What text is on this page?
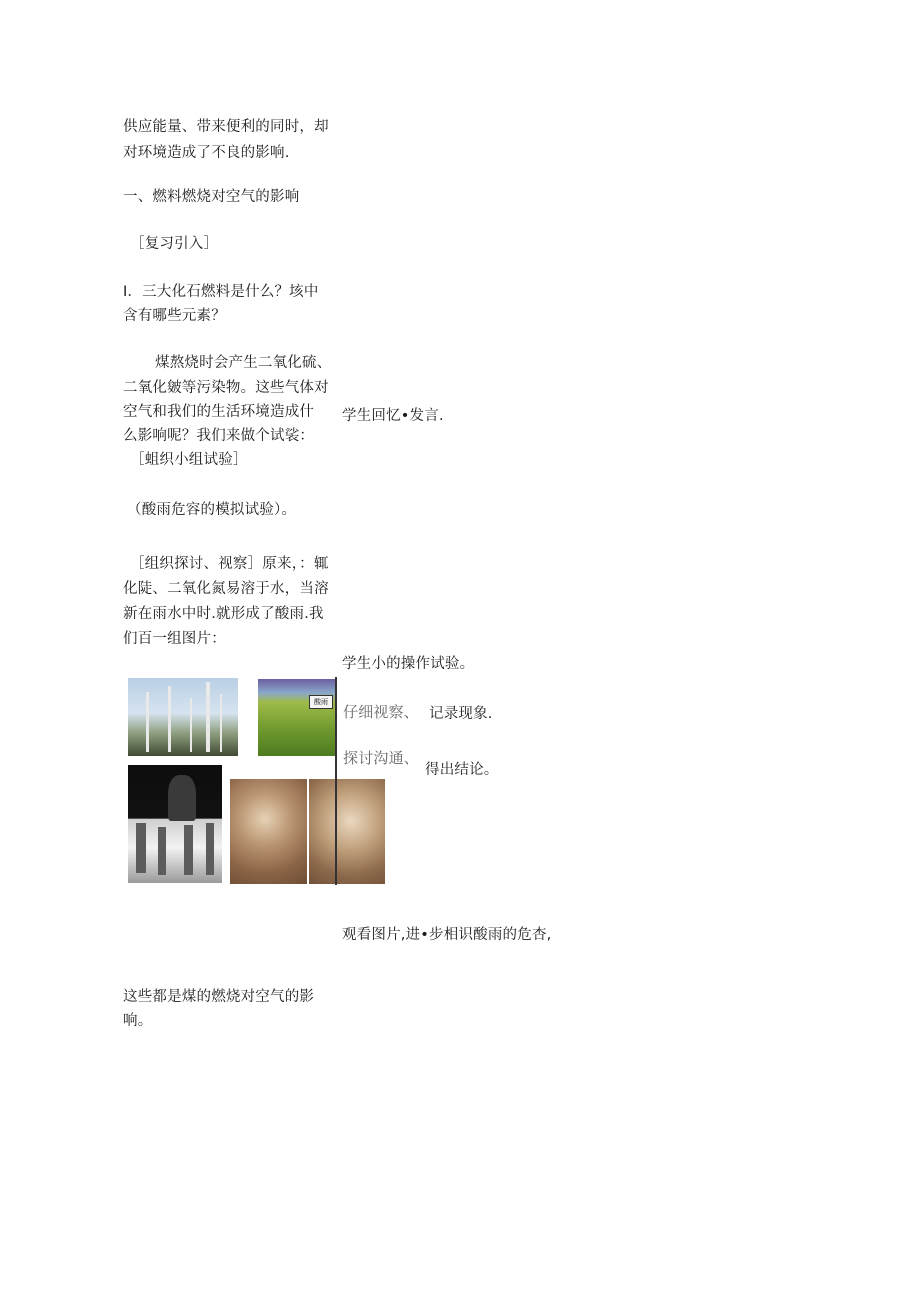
供应能量、带来便利的同时，却
对环境造成了不良的影响.
一、燃料燃烧对空气的影响
［复习引入］
I．三大化石燃料是什么？垓中
含有哪些元素？
煤熬烧时会产生二氧化硫、
二氧化皴等污染物。这些气体对
空气和我们的生活环境造成什
么影响呢？我们来做个试裟：
［蛆织小组试验］
（酸雨危容的模拟试验）。
［组织探讨、视察］原来，：辄
化陡、二氧化氮易溶于水，当溶
新在雨水中时.就形成了酸雨.我
们百一组图片：
这些都是煤的燃烧对空气的影
响。
学生回忆•发言.
学生小的操作试验。
仔细视察、 记录现象.
探讨沟通、
得出结论。
观看图片,进•步相识酸雨的危杏,
酸雨
